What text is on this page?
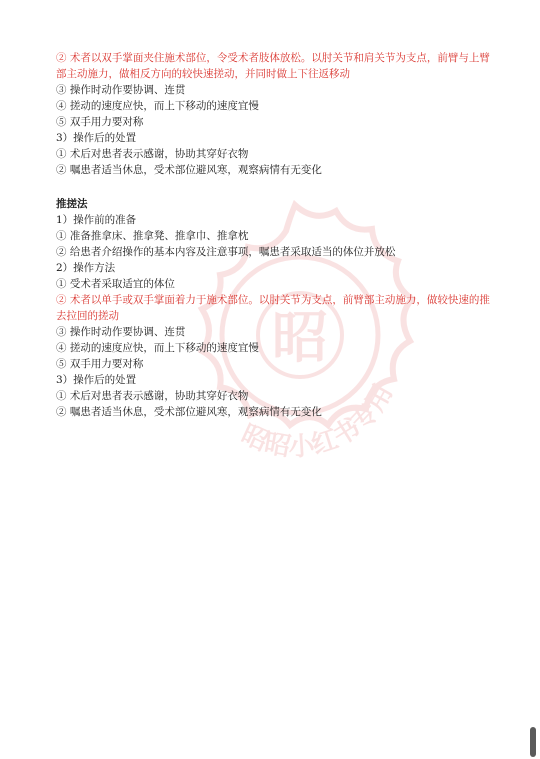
昭
昭昭小红书专用
② 术者以双手掌面夹住施术部位，令受术者肢体放松。以肘关节和肩关节为支点，前臂与上臂
部主动施力，做相反方向的较快速搓动，并同时做上下往返移动
③ 操作时动作要协调、连贯
④ 搓动的速度应快，而上下移动的速度宜慢
⑤ 双手用力要对称
3）操作后的处置
① 术后对患者表示感谢，协助其穿好衣物
② 嘱患者适当休息，受术部位避风寒，观察病情有无变化
推搓法
1）操作前的准备
① 准备推拿床、推拿凳、推拿巾、推拿枕
② 给患者介绍操作的基本内容及注意事项，嘱患者采取适当的体位并放松
2）操作方法
① 受术者采取适宜的体位
② 术者以单手或双手掌面着力于施术部位。以肘关节为支点，前臂部主动施力，做较快速的推
去拉回的搓动
③ 操作时动作要协调、连贯
④ 搓动的速度应快，而上下移动的速度宜慢
⑤ 双手用力要对称
3）操作后的处置
① 术后对患者表示感谢，协助其穿好衣物
② 嘱患者适当休息，受术部位避风寒，观察病情有无变化
